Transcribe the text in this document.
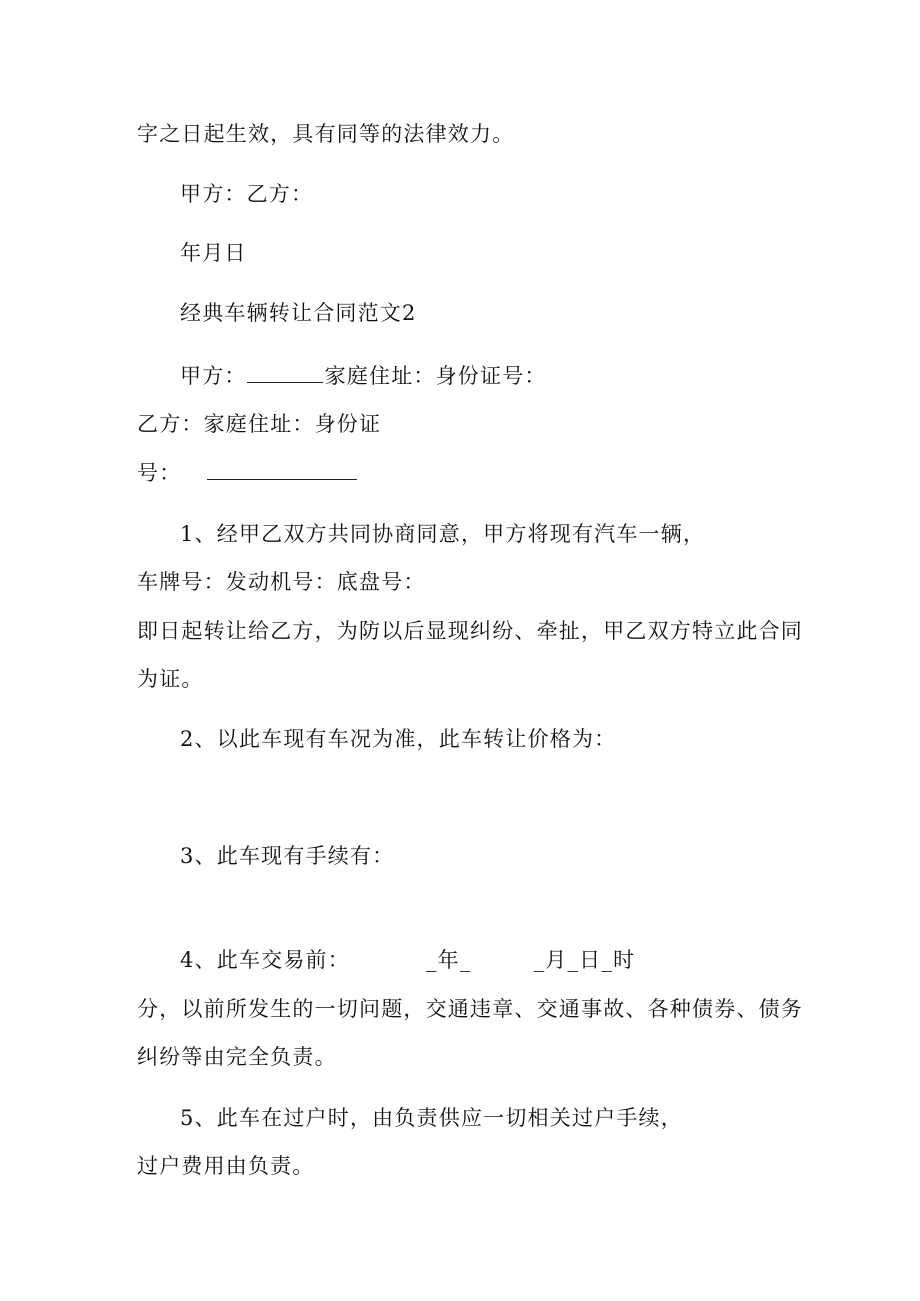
字之日起生效，具有同等的法律效力。
甲方：乙方：
年月日
经典车辆转让合同范文2
甲方：	家庭住址：身份证号：
乙方：家庭住址：身份证
号：
1、经甲乙双方共同协商同意，甲方将现有汽车一辆，
车牌号：发动机号：底盘号：
即日起转让给乙方，为防以后显现纠纷、牵扯，甲乙双方特立此合同
为证。
2、以此车现有车况为准，此车转让价格为：
3、此车现有手续有：
4、此车交易前：	_年_	_月_日_时
分，以前所发生的一切问题，交通违章、交通事故、各种债券、债务
纠纷等由完全负责。
5、此车在过户时，由负责供应一切相关过户手续，
过户费用由负责。
